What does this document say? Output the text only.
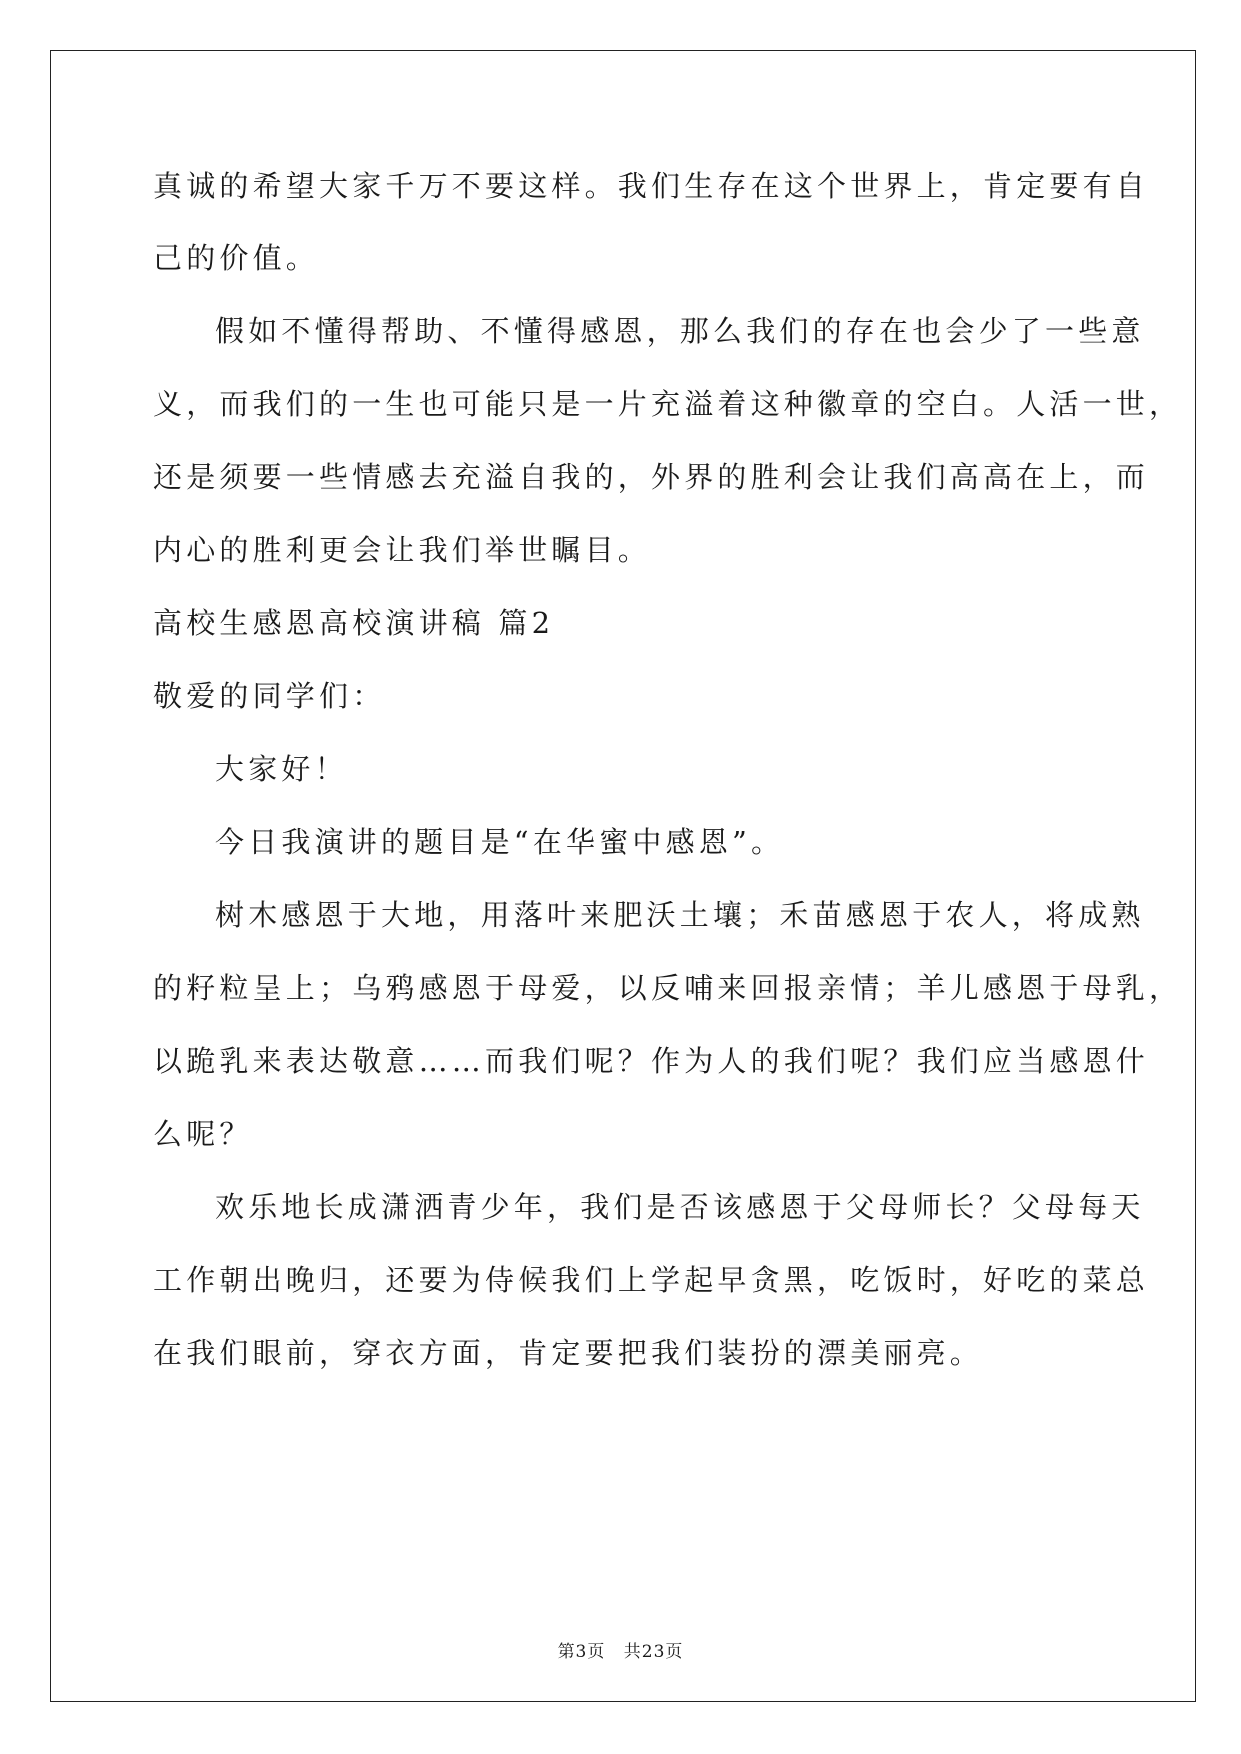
真诚的希望大家千万不要这样。我们生存在这个世界上，肯定要有自
己的价值。
假如不懂得帮助、不懂得感恩，那么我们的存在也会少了一些意
义，而我们的一生也可能只是一片充溢着这种徽章的空白。人活一世，
还是须要一些情感去充溢自我的，外界的胜利会让我们高高在上，而
内心的胜利更会让我们举世瞩目。
高校生感恩高校演讲稿 篇2
敬爱的同学们：
大家好！
今日我演讲的题目是“在华蜜中感恩”。
树木感恩于大地，用落叶来肥沃土壤；禾苗感恩于农人，将成熟
的籽粒呈上；乌鸦感恩于母爱，以反哺来回报亲情；羊儿感恩于母乳，
以跪乳来表达敬意……而我们呢？作为人的我们呢？我们应当感恩什
么呢？
欢乐地长成潇洒青少年，我们是否该感恩于父母师长？父母每天
工作朝出晚归，还要为侍候我们上学起早贪黑，吃饭时，好吃的菜总
在我们眼前，穿衣方面，肯定要把我们装扮的漂美丽亮。
第3页 共23页
